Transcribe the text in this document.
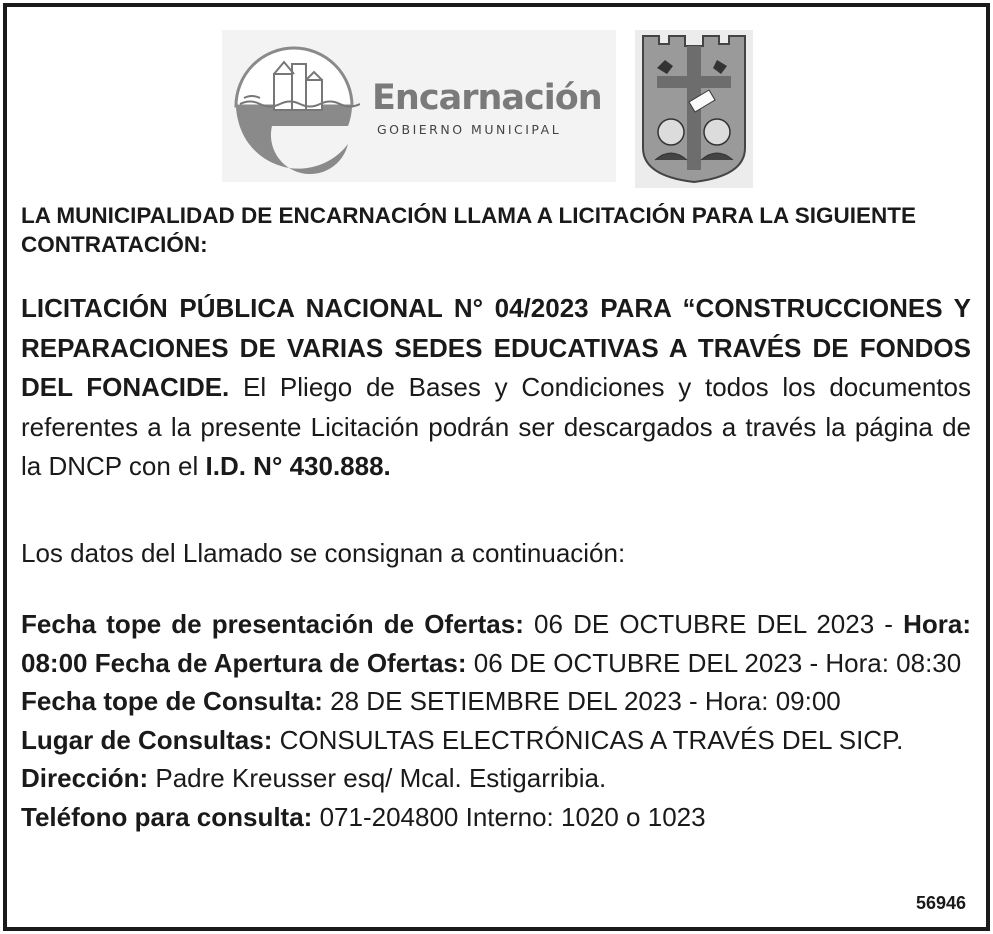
Encarnación
GOBIERNO MUNICIPAL
LA MUNICIPALIDAD DE ENCARNACIÓN LLAMA A LICITACIÓN PARA LA SIGUIENTE CONTRATACIÓN:
LICITACIÓN PÚBLICA NACIONAL N° 04/2023 PARA “CONSTRUCCIONES Y REPARACIONES DE VARIAS SEDES EDUCATIVAS A TRAVÉS DE FONDOS DEL FONACIDE. El Pliego de Bases y Condiciones y todos los documentos referentes a la presente Licitación podrán ser descargados a través la página de la DNCP con el I.D. N° 430.888.
Los datos del Llamado se consignan a continuación:

Fecha tope de presentación de Ofertas: 06 DE OCTUBRE DEL 2023 - Hora: 08:00 Fecha de Apertura de Ofertas: 06 DE OCTUBRE DEL 2023 - Hora: 08:30

Fecha tope de Consulta: 28 DE SETIEMBRE DEL 2023 - Hora: 09:00

Lugar de Consultas: CONSULTAS ELECTRÓNICAS A TRAVÉS DEL SICP.

Dirección: Padre Kreusser esq/ Mcal. Estigarribia.

Teléfono para consulta: 071-204800 Interno: 1020 o 1023

56946
